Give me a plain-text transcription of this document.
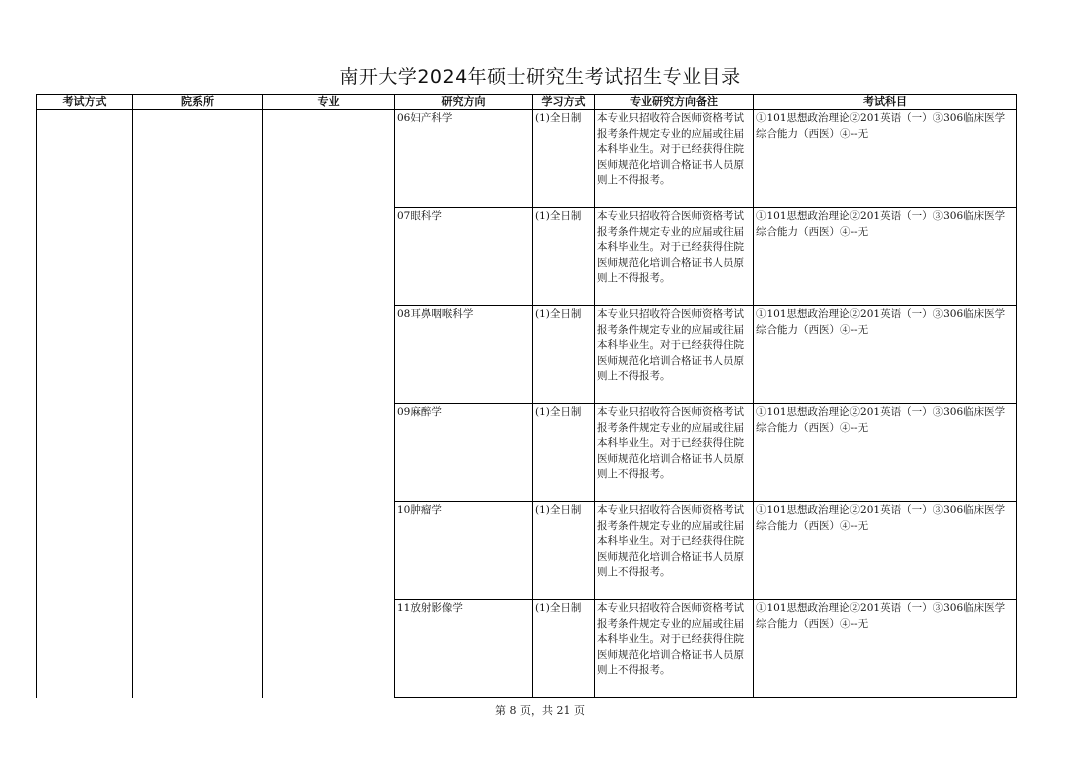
南开大学2024年硕士研究生考试招生专业目录
考试方式	院系所	专业	研究方向	学习方式	专业研究方向备注	考试科目
			06妇产科学	(1)全日制	本专业只招收符合医师资格考试报考条件规定专业的应届或往届本科毕业生。对于已经获得住院医师规范化培训合格证书人员原则上不得报考。	①101思想政治理论②201英语（一）③306临床医学综合能力（西医）④--无
			07眼科学	(1)全日制	本专业只招收符合医师资格考试报考条件规定专业的应届或往届本科毕业生。对于已经获得住院医师规范化培训合格证书人员原则上不得报考。	①101思想政治理论②201英语（一）③306临床医学综合能力（西医）④--无
			08耳鼻咽喉科学	(1)全日制	本专业只招收符合医师资格考试报考条件规定专业的应届或往届本科毕业生。对于已经获得住院医师规范化培训合格证书人员原则上不得报考。	①101思想政治理论②201英语（一）③306临床医学综合能力（西医）④--无
			09麻醉学	(1)全日制	本专业只招收符合医师资格考试报考条件规定专业的应届或往届本科毕业生。对于已经获得住院医师规范化培训合格证书人员原则上不得报考。	①101思想政治理论②201英语（一）③306临床医学综合能力（西医）④--无
			10肿瘤学	(1)全日制	本专业只招收符合医师资格考试报考条件规定专业的应届或往届本科毕业生。对于已经获得住院医师规范化培训合格证书人员原则上不得报考。	①101思想政治理论②201英语（一）③306临床医学综合能力（西医）④--无
			11放射影像学	(1)全日制	本专业只招收符合医师资格考试报考条件规定专业的应届或往届本科毕业生。对于已经获得住院医师规范化培训合格证书人员原则上不得报考。	①101思想政治理论②201英语（一）③306临床医学综合能力（西医）④--无
第 8 页，共 21 页
